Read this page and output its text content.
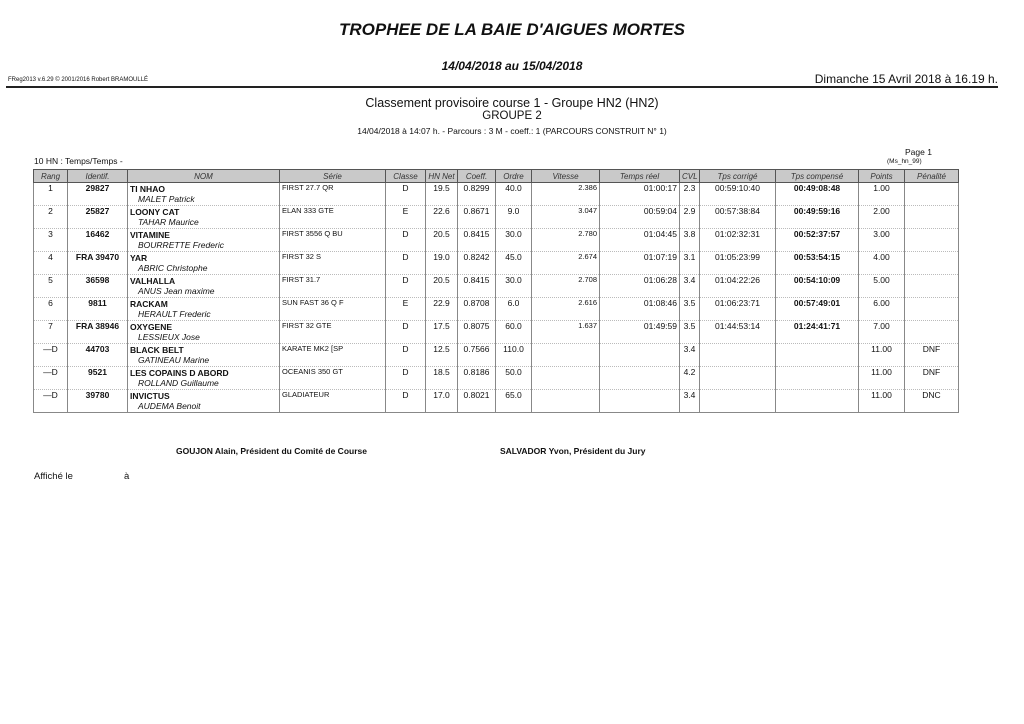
TROPHEE DE LA BAIE D'AIGUES MORTES
14/04/2018 au 15/04/2018
FReg2013 v.6.29 © 2001/2016 Robert BRAMOULLÉ	Dimanche 15 Avril 2018 à 16.19 h.
Classement provisoire course 1 - Groupe HN2 (HN2)
GROUPE 2
14/04/2018 à 14:07 h. - Parcours : 3 M - coeff.: 1 (PARCOURS CONSTRUIT N° 1)
Page 1
(Ms_hn_99)
10 HN : Temps/Temps -
Rang	Identif.	NOM	Série	Classe	HN Net	Coeff.	Ordre	Vitesse	Temps réel	CVL	Tps corrigé	Tps compensé	Points	Pénalité
1	29827	TI NHAO
MALET Patrick	FIRST 27.7 QR	D	19.5	0.8299	40.0	2.386	01:00:17	2.3	00:59:10:40	00:49:08:48	1.00	
2	25827	LOONY CAT
TAHAR Maurice	ELAN 333 GTE	E	22.6	0.8671	9.0	3.047	00:59:04	2.9	00:57:38:84	00:49:59:16	2.00	
3	16462	VITAMINE
BOURRETTE Frederic	FIRST 3556 Q BU	D	20.5	0.8415	30.0	2.780	01:04:45	3.8	01:02:32:31	00:52:37:57	3.00	
4	FRA 39470	YAR
ABRIC Christophe	FIRST 32 S	D	19.0	0.8242	45.0	2.674	01:07:19	3.1	01:05:23:99	00:53:54:15	4.00	
5	36598	VALHALLA
ANUS Jean maxime	FIRST 31.7	D	20.5	0.8415	30.0	2.708	01:06:28	3.4	01:04:22:26	00:54:10:09	5.00	
6	9811	RACKAM
HERAULT Frederic	SUN FAST 36 Q F	E	22.9	0.8708	6.0	2.616	01:08:46	3.5	01:06:23:71	00:57:49:01	6.00	
7	FRA 38946	OXYGENE
LESSIEUX Jose	FIRST 32 GTE	D	17.5	0.8075	60.0	1.637	01:49:59	3.5	01:44:53:14	01:24:41:71	7.00	
—D	44703	BLACK BELT
GATINEAU Marine	KARATE MK2 [SP	D	12.5	0.7566	110.0			3.4			11.00	DNF
—D	9521	LES COPAINS D ABORD
ROLLAND Guillaume	OCEANIS 350 GT	D	18.5	0.8186	50.0			4.2			11.00	DNF
—D	39780	INVICTUS
AUDEMA Benoit	GLADIATEUR	D	17.0	0.8021	65.0			3.4			11.00	DNC
GOUJON Alain, Président du Comité de Course	SALVADOR Yvon, Président du Jury
Affiché le	à
